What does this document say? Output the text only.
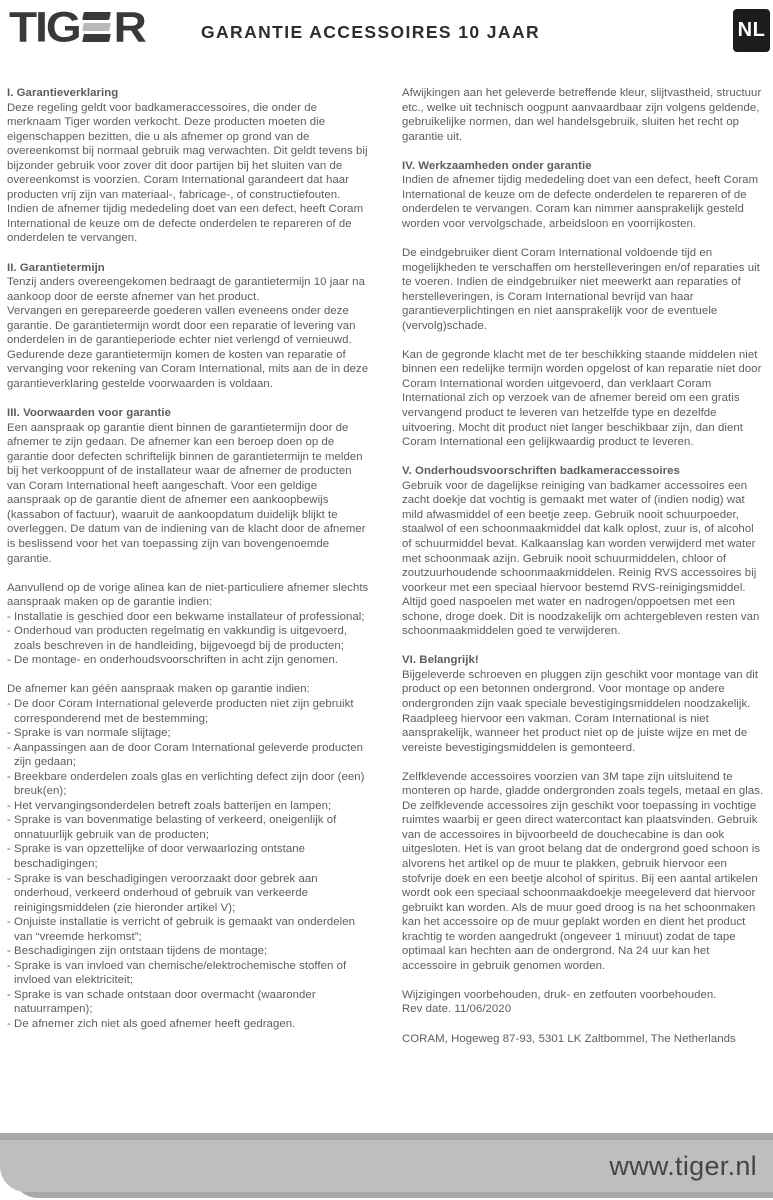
TIG R	GARANTIE ACCESSOIRES 10 JAAR	NL
I. Garantieverklaring
Deze regeling geldt voor badkameraccessoires, die onder de merknaam Tiger worden verkocht. Deze producten moeten die eigenschappen bezitten, die u als afnemer op grond van de overeenkomst bij normaal gebruik mag verwachten. Dit geldt tevens bij bijzonder gebruik voor zover dit door partijen bij het sluiten van de overeenkomst is voorzien. Coram International garandeert dat haar producten vrij zijn van materiaal-, fabricage-, of constructiefouten. Indien de afnemer tijdig mededeling doet van een defect, heeft Coram International de keuze om de defecte onderdelen te repareren of de onderdelen te vervangen.
II. Garantietermijn
Tenzij anders overeengekomen bedraagt de garantietermijn 10 jaar na aankoop door de eerste afnemer van het product.
Vervangen en gerepareerde goederen vallen eveneens onder deze garantie. De garantietermijn wordt door een reparatie of levering van onderdelen in de garantieperiode echter niet verlengd of vernieuwd.
Gedurende deze garantietermijn komen de kosten van reparatie of vervanging voor rekening van Coram International, mits aan de in deze garantieverklaring gestelde voorwaarden is voldaan.
III. Voorwaarden voor garantie
Een aanspraak op garantie dient binnen de garantietermijn door de afnemer te zijn gedaan. De afnemer kan een beroep doen op de garantie door defecten schriftelijk binnen de garantietermijn te melden bij het verkooppunt of de installateur waar de afnemer de producten van Coram International heeft aangeschaft. Voor een geldige aanspraak op de garantie dient de afnemer een aankoopbewijs (kassabon of factuur), waaruit de aankoopdatum duidelijk blijkt te overleggen. De datum van de indiening van de klacht door de afnemer is beslissend voor het van toepassing zijn van bovengenoemde garantie.
Aanvullend op de vorige alinea kan de niet-particuliere afnemer slechts aanspraak maken op de garantie indien:
- Installatie is geschied door een bekwame installateur of professional;
- Onderhoud van producten regelmatig en vakkundig is uitgevoerd, zoals beschreven in de handleiding, bijgevoegd bij de producten;
- De montage- en onderhoudsvoorschriften in acht zijn genomen.
De afnemer kan géén aanspraak maken op garantie indien:
- De door Coram International geleverde producten niet zijn gebruikt corresponderend met de bestemming;
- Sprake is van normale slijtage;
- Aanpassingen aan de door Coram International geleverde producten zijn gedaan;
- Breekbare onderdelen zoals glas en verlichting defect zijn door (een) breuk(en);
- Het vervangingsonderdelen betreft zoals batterijen en lampen;
- Sprake is van bovenmatige belasting of verkeerd, oneigenlijk of onnatuurlijk gebruik van de producten;
- Sprake is van opzettelijke of door verwaarlozing ontstane beschadigingen;
- Sprake is van beschadigingen veroorzaakt door gebrek aan onderhoud, verkeerd onderhoud of gebruik van verkeerde reinigingsmiddelen (zie hieronder artikel V);
- Onjuiste installatie is verricht of gebruik is gemaakt van onderdelen van “vreemde herkomst”;
- Beschadigingen zijn ontstaan tijdens de montage;
- Sprake is van invloed van chemische/elektrochemische stoffen of invloed van elektriciteit;
- Sprake is van schade ontstaan door overmacht (waaronder natuurrampen);
- De afnemer zich niet als goed afnemer heeft gedragen.
Afwijkingen aan het geleverde betreffende kleur, slijtvastheid, structuur etc., welke uit technisch oogpunt aanvaardbaar zijn volgens geldende, gebruikelijke normen, dan wel handelsgebruik, sluiten het recht op garantie uit.
IV. Werkzaamheden onder garantie
Indien de afnemer tijdig mededeling doet van een defect, heeft Coram International de keuze om de defecte onderdelen te repareren of de onderdelen te vervangen. Coram kan nimmer aansprakelijk gesteld worden voor vervolgschade, arbeidsloon en voorrijkosten.
De eindgebruiker dient Coram International voldoende tijd en mogelijkheden te verschaffen om herstelleveringen en/of reparaties uit te voeren. Indien de eindgebruiker niet meewerkt aan reparaties of herstelleveringen, is Coram International bevrijd van haar garantieverplichtingen en niet aansprakelijk voor de eventuele (vervolg)schade.
Kan de gegronde klacht met de ter beschikking staande middelen niet binnen een redelijke termijn worden opgelost of kan reparatie niet door Coram International worden uitgevoerd, dan verklaart Coram International zich op verzoek van de afnemer bereid om een gratis vervangend product te leveren van hetzelfde type en dezelfde uitvoering. Mocht dit product niet langer beschikbaar zijn, dan dient Coram International een gelijkwaardig product te leveren.
V. Onderhoudsvoorschriften badkameraccessoires
Gebruik voor de dagelijkse reiniging van badkamer accessoires een zacht doekje dat vochtig is gemaakt met water of (indien nodig) wat mild afwasmiddel of een beetje zeep. Gebruik nooit schuurpoeder, staalwol of een schoonmaakmiddel dat kalk oplost, zuur is, of alcohol of schuurmiddel bevat. Kalkaanslag kan worden verwijderd met water met schoonmaak azijn. Gebruik nooit schuurmiddelen, chloor of zoutzuurhoudende schoonmaakmiddelen. Reinig RVS accessoires bij voorkeur met een speciaal hiervoor bestemd RVS-reinigingsmiddel. Altijd goed naspoelen met water en nadrogen/oppoetsen met een schone, droge doek. Dit is noodzakelijk om achtergebleven resten van schoonmaakmiddelen goed te verwijderen.
VI. Belangrijk!
Bijgeleverde schroeven en pluggen zijn geschikt voor montage van dit product op een betonnen ondergrond. Voor montage op andere ondergronden zijn vaak speciale bevestigingsmiddelen noodzakelijk. Raadpleeg hiervoor een vakman. Coram International is niet aansprakelijk, wanneer het product niet op de juiste wijze en met de vereiste bevestigingsmiddelen is gemonteerd.
Zelfklevende accessoires voorzien van 3M tape zijn uitsluitend te monteren op harde, gladde ondergronden zoals tegels, metaal en glas. De zelfklevende accessoires zijn geschikt voor toepassing in vochtige ruimtes waarbij er geen direct watercontact kan plaatsvinden. Gebruik van de accessoires in bijvoorbeeld de douchecabine is dan ook uitgesloten. Het is van groot belang dat de ondergrond goed schoon is alvorens het artikel op de muur te plakken, gebruik hiervoor een stofvrije doek en een beetje alcohol of spiritus. Bij een aantal artikelen wordt ook een speciaal schoonmaakdoekje meegeleverd dat hiervoor gebruikt kan worden. Als de muur goed droog is na het schoonmaken kan het accessoire op de muur geplakt worden en dient het product krachtig te worden aangedrukt (ongeveer 1 minuut) zodat de tape optimaal kan hechten aan de ondergrond. Na 24 uur kan het accessoire in gebruik genomen worden.
Wijzigingen voorbehouden, druk- en zetfouten voorbehouden.
Rev date. 11/06/2020
CORAM, Hogeweg 87-93, 5301 LK Zaltbommel, The Netherlands
www.tiger.nl
